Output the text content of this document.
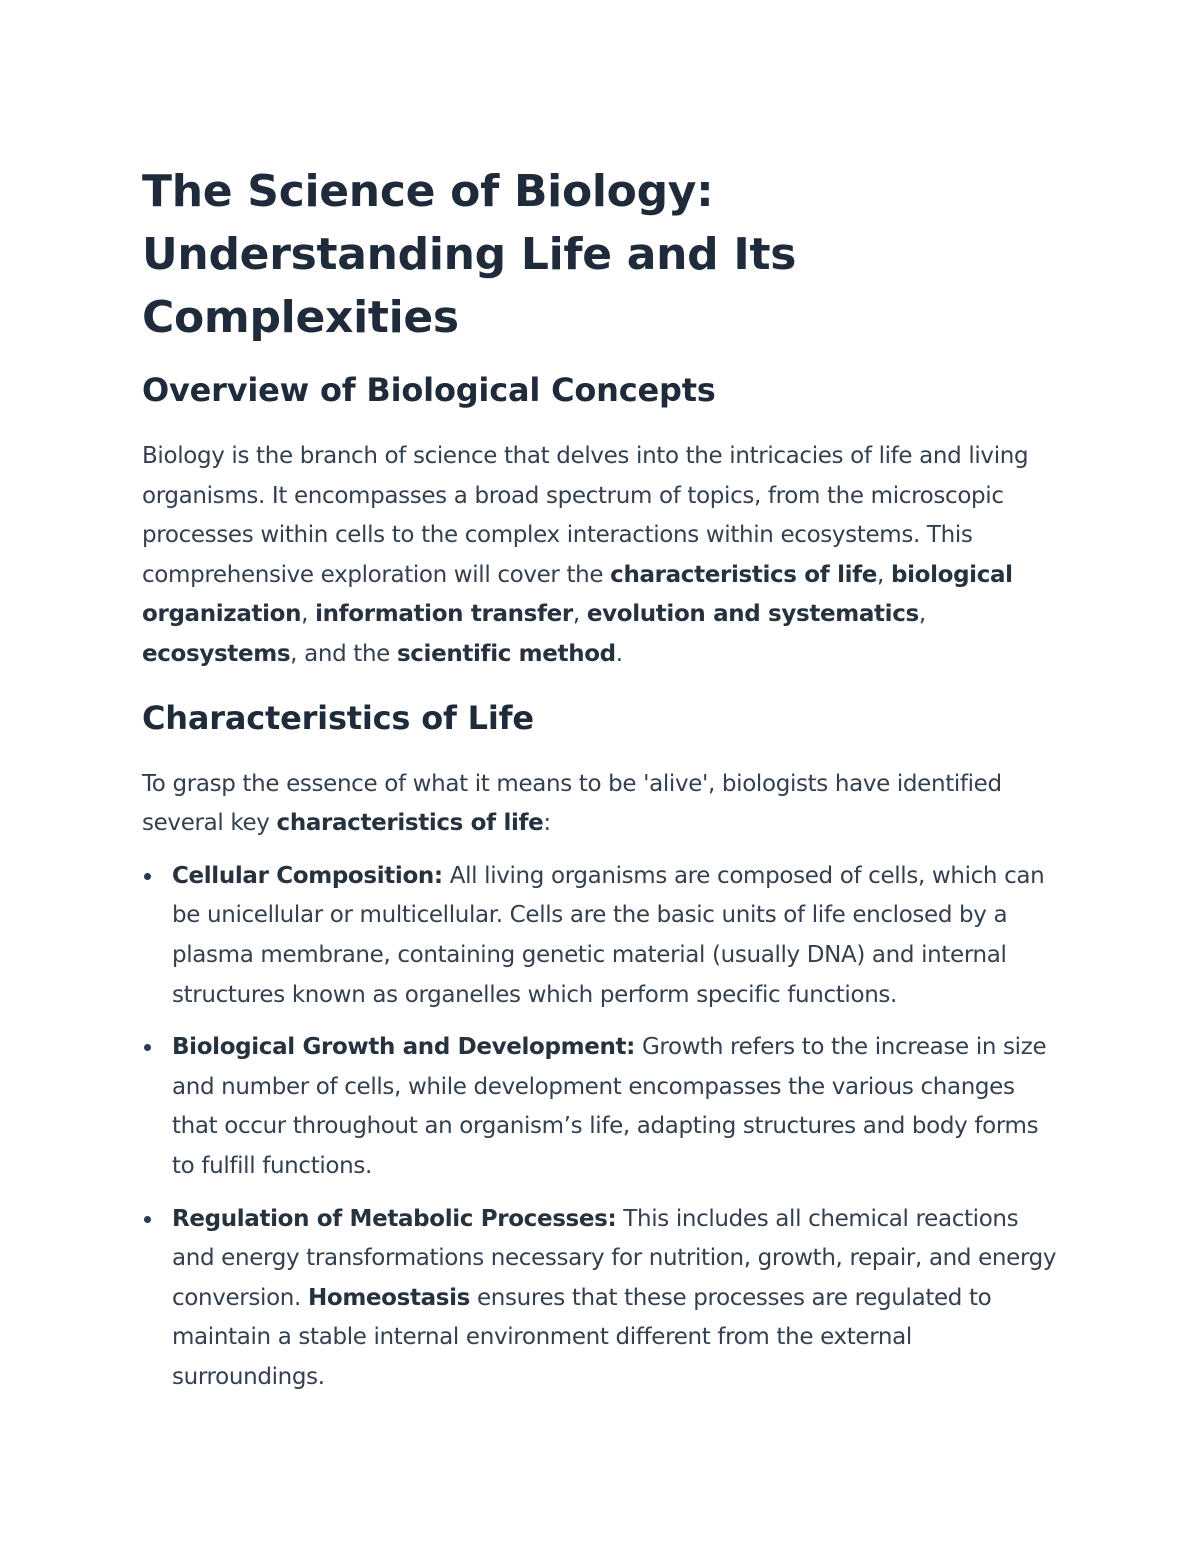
The Science of Biology: Understanding Life and Its Complexities
Overview of Biological Concepts

Biology is the branch of science that delves into the intricacies of life and living organisms. It encompasses a broad spectrum of topics, from the microscopic processes within cells to the complex interactions within ecosystems. This comprehensive exploration will cover the characteristics of life, biological organization, information transfer, evolution and systematics, ecosystems, and the scientific method.

Characteristics of Life

To grasp the essence of what it means to be 'alive', biologists have identified several key characteristics of life:

Cellular Composition: All living organisms are composed of cells, which can be unicellular or multicellular. Cells are the basic units of life enclosed by a plasma membrane, containing genetic material (usually DNA) and internal structures known as organelles which perform specific functions.
Biological Growth and Development: Growth refers to the increase in size and number of cells, while development encompasses the various changes that occur throughout an organism’s life, adapting structures and body forms to fulfill functions.
Regulation of Metabolic Processes: This includes all chemical reactions and energy transformations necessary for nutrition, growth, repair, and energy conversion. Homeostasis ensures that these processes are regulated to maintain a stable internal environment different from the external surroundings.
